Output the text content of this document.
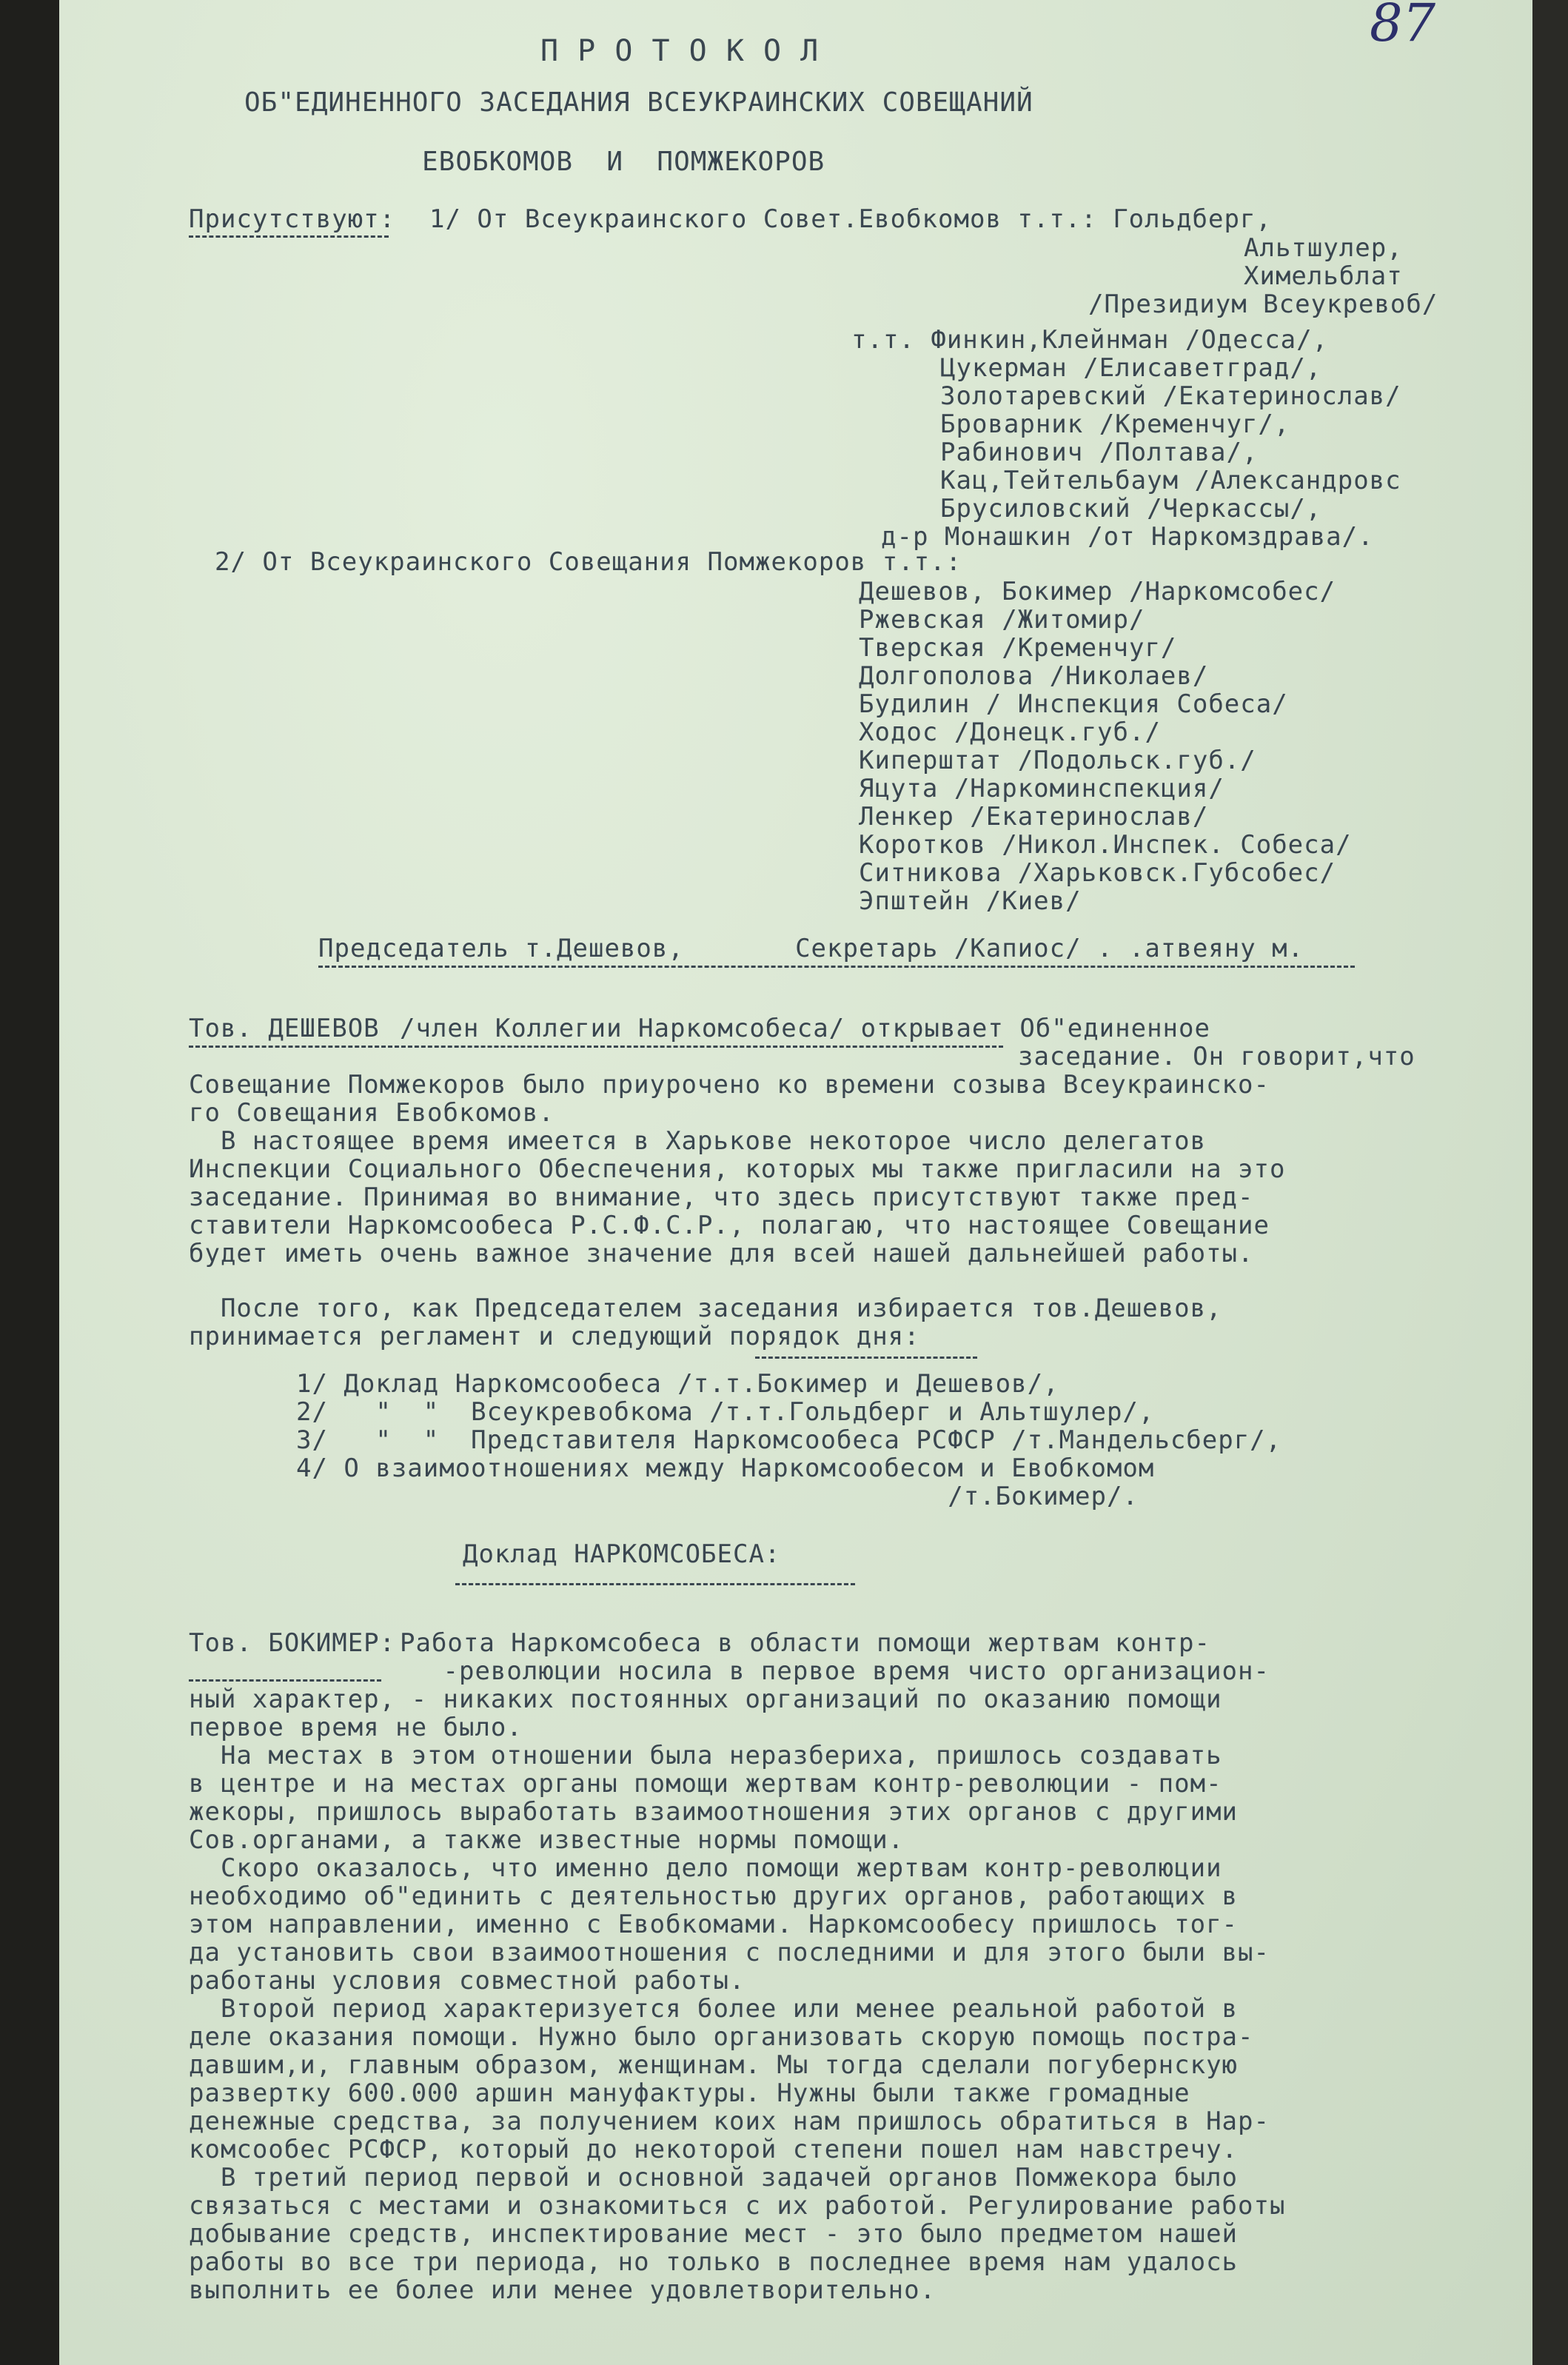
87
П Р О Т О К О Л
ОБ"ЕДИНЕННОГО ЗАСЕДАНИЯ ВСЕУКРАИНСКИХ СОВЕЩАНИЙ
ЕВОБКОМОВ  И  ПОМЖЕКОРОВ
Присутствуют: 1/ От Всеукраинского Совет.Евобкомов т.т.: Гольдберг,
Альтшулер,
Химельблат
/Президиум Всеукревоб/
т.т. Финкин,Клейнман /Одесса/,
Цукерман /Елисаветград/,
Золотаревский /Екатеринослав/
Броварник /Кременчуг/,
Рабинович /Полтава/,
Кац,Тейтельбаум /Александровс
Брусиловский /Черкассы/,
д-р Монашкин /от Наркомздрава/.
2/ От Всеукраинского Совещания Помжекоров т.т.:
Дешевов, Бокимер /Наркомсобес/
Ржевская /Житомир/
Тверская /Кременчуг/
Долгополова /Николаев/
Будилин / Инспекция Собеса/
Ходос /Донецк.губ./
Киперштат /Подольск.губ./
Яцута /Наркоминспекция/
Ленкер /Екатеринослав/
Коротков /Никол.Инспек. Собеса/
Ситникова /Харьковск.Губсобес/
Эпштейн /Киев/
Председатель т.Дешевов,       Секретарь /Капиос/ . .атвеяну м.
Тов. ДЕШЕВОВ /член Коллегии Наркомсобеса/ открывает Об"единенное
заседание. Он говорит,что
Совещание Помжекоров было приурочено ко времени созыва Всеукраинско-
го Совещания Евобкомов.
В настоящее время имеется в Харькове некоторое число делегатов
Инспекции Социального Обеспечения, которых мы также пригласили на это
заседание. Принимая во внимание, что здесь присутствуют также пред-
ставители Наркомсообеса Р.С.Ф.С.Р., полагаю, что настоящее Совещание
будет иметь очень важное значение для всей нашей дальнейшей работы.
После того, как Председателем заседания избирается тов.Дешевов,
принимается регламент и следующий порядок дня:
1/ Доклад Наркомсообеса /т.т.Бокимер и Дешевов/,
2/   "  "  Всеукревобкома /т.т.Гольдберг и Альтшулер/,
3/   "  "  Представителя Наркомсообеса РСФСР /т.Мандельсберг/,
4/ О взаимоотношениях между Наркомсообесом и Евобкомом
/т.Бокимер/.
Доклад НАРКОМСОБЕСА:
Тов. БОКИМЕР: Работа Наркомсобеса в области помощи жертвам контр-
-революции носила в первое время чисто организацион-
ный характер, - никаких постоянных организаций по оказанию помощи
первое время не было.
На местах в этом отношении была неразбериха, пришлось создавать
в центре и на местах органы помощи жертвам контр-революции - пом-
жекоры, пришлось выработать взаимоотношения этих органов с другими
Сов.органами, а также известные нормы помощи.
Скоро оказалось, что именно дело помощи жертвам контр-революции
необходимо об"единить с деятельностью других органов, работающих в
этом направлении, именно с Евобкомами. Наркомсообесу пришлось тог-
да установить свои взаимоотношения с последними и для этого были вы-
работаны условия совместной работы.
Второй период характеризуется более или менее реальной работой в
деле оказания помощи. Нужно было организовать скорую помощь постра-
давшим,и, главным образом, женщинам. Мы тогда сделали погубернскую
развертку 600.000 аршин мануфактуры. Нужны были также громадные
денежные средства, за получением коих нам пришлось обратиться в Нар-
комсообес РСФСР, который до некоторой степени пошел нам навстречу.
В третий период первой и основной задачей органов Помжекора было
связаться с местами и ознакомиться с их работой. Регулирование работы
добывание средств, инспектирование мест - это было предметом нашей
работы во все три периода, но только в последнее время нам удалось
выполнить ее более или менее удовлетворительно.
